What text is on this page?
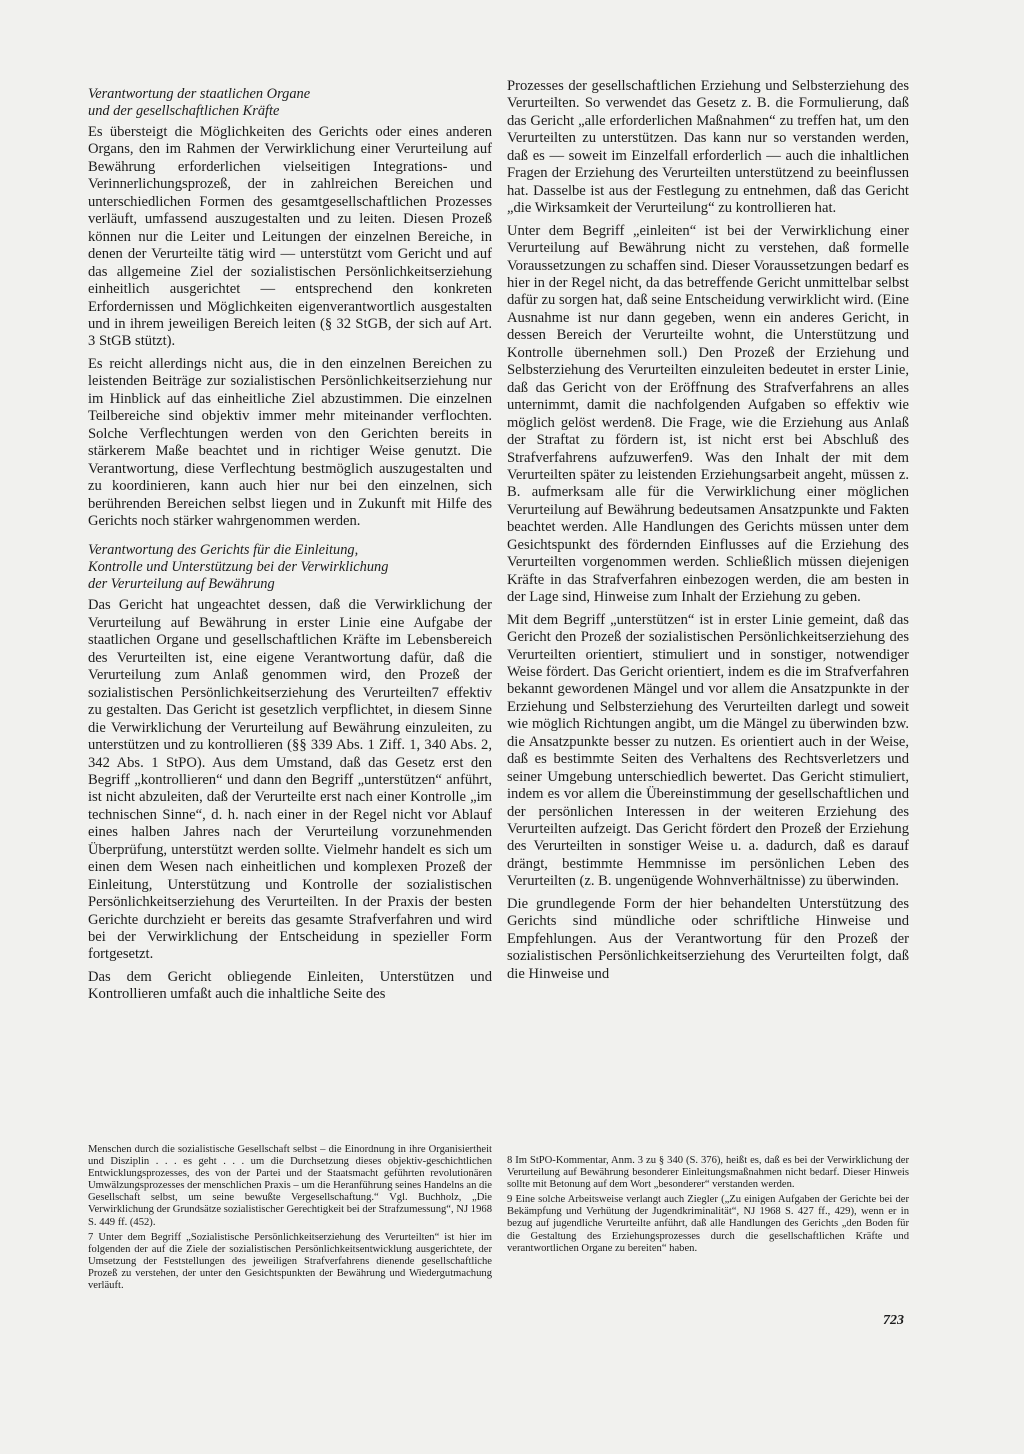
Verantwortung der staatlichen Organe
und der gesellschaftlichen Kräfte

Es übersteigt die Möglichkeiten des Gerichts oder eines anderen Organs, den im Rahmen der Verwirklichung einer Verurteilung auf Bewährung erforderlichen vielseitigen Integrations- und Verinnerlichungsprozeß, der in zahlreichen Bereichen und unterschiedlichen Formen des gesamtgesellschaftlichen Prozesses verläuft, umfassend auszugestalten und zu leiten. Diesen Prozeß können nur die Leiter und Leitungen der einzelnen Bereiche, in denen der Verurteilte tätig wird — unterstützt vom Gericht und auf das allgemeine Ziel der sozialistischen Persönlichkeitserziehung einheitlich ausgerichtet — entsprechend den konkreten Erfordernissen und Möglichkeiten eigenverantwortlich ausgestalten und in ihrem jeweiligen Bereich leiten (§ 32 StGB, der sich auf Art. 3 StGB stützt).

Es reicht allerdings nicht aus, die in den einzelnen Bereichen zu leistenden Beiträge zur sozialistischen Persönlichkeitserziehung nur im Hinblick auf das einheitliche Ziel abzustimmen. Die einzelnen Teilbereiche sind objektiv immer mehr miteinander verflochten. Solche Verflechtungen werden von den Gerichten bereits in stärkerem Maße beachtet und in richtiger Weise genutzt. Die Verantwortung, diese Verflechtung bestmöglich auszugestalten und zu koordinieren, kann auch hier nur bei den einzelnen, sich berührenden Bereichen selbst liegen und in Zukunft mit Hilfe des Gerichts noch stärker wahrgenommen werden.

Verantwortung des Gerichts für die Einleitung,
Kontrolle und Unterstützung bei der Verwirklichung
der Verurteilung auf Bewährung

Das Gericht hat ungeachtet dessen, daß die Verwirklichung der Verurteilung auf Bewährung in erster Linie eine Aufgabe der staatlichen Organe und gesellschaftlichen Kräfte im Lebensbereich des Verurteilten ist, eine eigene Verantwortung dafür, daß die Verurteilung zum Anlaß genommen wird, den Prozeß der sozialistischen Persönlichkeitserziehung des Verurteilten7 effektiv zu gestalten. Das Gericht ist gesetzlich verpflichtet, in diesem Sinne die Verwirklichung der Verurteilung auf Bewährung einzuleiten, zu unterstützen und zu kontrollieren (§§ 339 Abs. 1 Ziff. 1, 340 Abs. 2, 342 Abs. 1 StPO). Aus dem Umstand, daß das Gesetz erst den Begriff „kontrollieren“ und dann den Begriff „unterstützen“ anführt, ist nicht abzuleiten, daß der Verurteilte erst nach einer Kontrolle „im technischen Sinne“, d. h. nach einer in der Regel nicht vor Ablauf eines halben Jahres nach der Verurteilung vorzunehmenden Überprüfung, unterstützt werden sollte. Vielmehr handelt es sich um einen dem Wesen nach einheitlichen und komplexen Prozeß der Einleitung, Unterstützung und Kontrolle der sozialistischen Persönlichkeitserziehung des Verurteilten. In der Praxis der besten Gerichte durchzieht er bereits das gesamte Strafverfahren und wird bei der Verwirklichung der Entscheidung in spezieller Form fortgesetzt.

Das dem Gericht obliegende Einleiten, Unterstützen und Kontrollieren umfaßt auch die inhaltliche Seite des

Prozesses der gesellschaftlichen Erziehung und Selbsterziehung des Verurteilten. So verwendet das Gesetz z. B. die Formulierung, daß das Gericht „alle erforderlichen Maßnahmen“ zu treffen hat, um den Verurteilten zu unterstützen. Das kann nur so verstanden werden, daß es — soweit im Einzelfall erforderlich — auch die inhaltlichen Fragen der Erziehung des Verurteilten unterstützend zu beeinflussen hat. Dasselbe ist aus der Festlegung zu entnehmen, daß das Gericht „die Wirksamkeit der Verurteilung“ zu kontrollieren hat.

Unter dem Begriff „einleiten“ ist bei der Verwirklichung einer Verurteilung auf Bewährung nicht zu verstehen, daß formelle Voraussetzungen zu schaffen sind. Dieser Voraussetzungen bedarf es hier in der Regel nicht, da das betreffende Gericht unmittelbar selbst dafür zu sorgen hat, daß seine Entscheidung verwirklicht wird. (Eine Ausnahme ist nur dann gegeben, wenn ein anderes Gericht, in dessen Bereich der Verurteilte wohnt, die Unterstützung und Kontrolle übernehmen soll.) Den Prozeß der Erziehung und Selbsterziehung des Verurteilten einzuleiten bedeutet in erster Linie, daß das Gericht von der Eröffnung des Strafverfahrens an alles unternimmt, damit die nachfolgenden Aufgaben so effektiv wie möglich gelöst werden8. Die Frage, wie die Erziehung aus Anlaß der Straftat zu fördern ist, ist nicht erst bei Abschluß des Strafverfahrens aufzuwerfen9. Was den Inhalt der mit dem Verurteilten später zu leistenden Erziehungsarbeit angeht, müssen z. B. aufmerksam alle für die Verwirklichung einer möglichen Verurteilung auf Bewährung bedeutsamen Ansatzpunkte und Fakten beachtet werden. Alle Handlungen des Gerichts müssen unter dem Gesichtspunkt des fördernden Einflusses auf die Erziehung des Verurteilten vorgenommen werden. Schließlich müssen diejenigen Kräfte in das Strafverfahren einbezogen werden, die am besten in der Lage sind, Hinweise zum Inhalt der Erziehung zu geben.

Mit dem Begriff „unterstützen“ ist in erster Linie gemeint, daß das Gericht den Prozeß der sozialistischen Persönlichkeitserziehung des Verurteilten orientiert, stimuliert und in sonstiger, notwendiger Weise fördert. Das Gericht orientiert, indem es die im Strafverfahren bekannt gewordenen Mängel und vor allem die Ansatzpunkte in der Erziehung und Selbsterziehung des Verurteilten darlegt und soweit wie möglich Richtungen angibt, um die Mängel zu überwinden bzw. die Ansatzpunkte besser zu nutzen. Es orientiert auch in der Weise, daß es bestimmte Seiten des Verhaltens des Rechtsverletzers und seiner Umgebung unterschiedlich bewertet. Das Gericht stimuliert, indem es vor allem die Übereinstimmung der gesellschaftlichen und der persönlichen Interessen in der weiteren Erziehung des Verurteilten aufzeigt. Das Gericht fördert den Prozeß der Erziehung des Verurteilten in sonstiger Weise u. a. dadurch, daß es darauf drängt, bestimmte Hemmnisse im persönlichen Leben des Verurteilten (z. B. ungenügende Wohnverhältnisse) zu überwinden.

Die grundlegende Form der hier behandelten Unterstützung des Gerichts sind mündliche oder schriftliche Hinweise und Empfehlungen. Aus der Verantwortung für den Prozeß der sozialistischen Persönlichkeitserziehung des Verurteilten folgt, daß die Hinweise und

Menschen durch die sozialistische Gesellschaft selbst – die Einordnung in ihre Organisiertheit und Disziplin . . . es geht . . . um die Durchsetzung dieses objektiv-geschichtlichen Entwicklungsprozesses, des von der Partei und der Staatsmacht geführten revolutionären Umwälzungsprozesses der menschlichen Praxis – um die Heranführung seines Handelns an die Gesellschaft selbst, um seine bewußte Vergesellschaftung.“ Vgl. Buchholz, „Die Verwirklichung der Grundsätze sozialistischer Gerechtigkeit bei der Strafzumessung“, NJ 1968 S. 449 ff. (452).

7 Unter dem Begriff „Sozialistische Persönlichkeitserziehung des Verurteilten“ ist hier im folgenden der auf die Ziele der sozialistischen Persönlichkeitsentwicklung ausgerichtete, der Umsetzung der Feststellungen des jeweiligen Strafverfahrens dienende gesellschaftliche Prozeß zu verstehen, der unter den Gesichtspunkten der Bewährung und Wiedergutmachung verläuft.

8 Im StPO-Kommentar, Anm. 3 zu § 340 (S. 376), heißt es, daß es bei der Verwirklichung der Verurteilung auf Bewährung besonderer Einleitungsmaßnahmen nicht bedarf. Dieser Hinweis sollte mit Betonung auf dem Wort „besonderer“ verstanden werden.

9 Eine solche Arbeitsweise verlangt auch Ziegler („Zu einigen Aufgaben der Gerichte bei der Bekämpfung und Verhütung der Jugendkriminalität“, NJ 1968 S. 427 ff., 429), wenn er in bezug auf jugendliche Verurteilte anführt, daß alle Handlungen des Gerichts „den Boden für die Gestaltung des Erziehungsprozesses durch die gesellschaftlichen Kräfte und verantwortlichen Organe zu bereiten“ haben.

723
